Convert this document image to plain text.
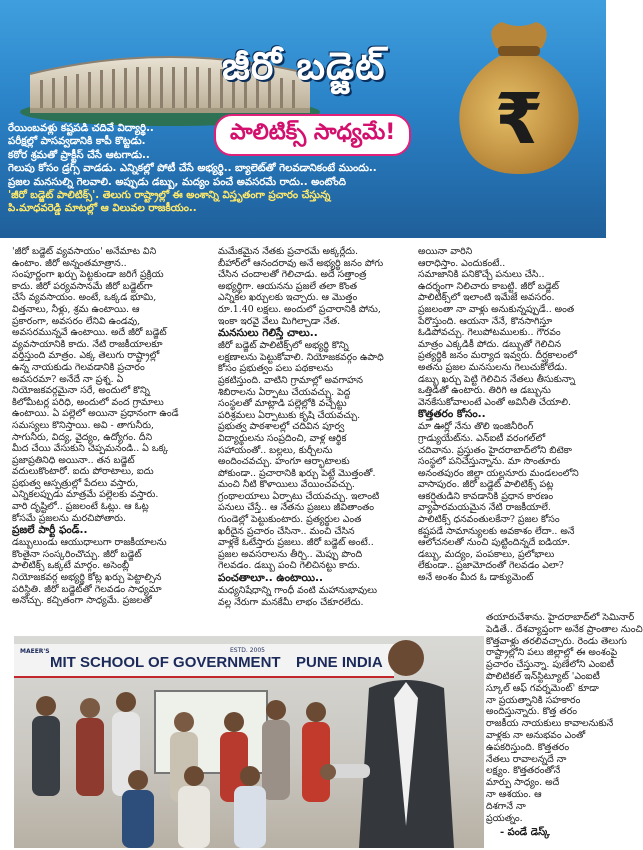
జీరో బడ్జెట్
పాలిటిక్స్ సాధ్యమే! ₹
రేయింబవళ్లు కష్టపడి చదివే విద్యార్థి..
పరీక్షల్లో పాసవ్వడానికి కాపీ కొట్టడు.
కఠోర శ్రమతో ప్రాక్టీస్ చేసే ఆటగాడు..
గెలుపు కోసం డ్రగ్స్ వాడడు. ఎన్నికల్లో పోటీ చేసే అభ్యర్థి.. బ్యాలెట్‌తో గెలవడానికంటే ముందు..
ప్రజల మనసుల్ని గెలవాలి. అప్పుడు డబ్బు, మద్యం పంచే అవసరమే రాదు.. అంటోంది
'జీరో బడ్జెట్ పాలిటిక్స్'. తెలుగు రాష్ట్రాల్లో ఈ అంశాన్ని విస్తృతంగా ప్రచారం చేస్తున్న
పి.మాధవరెడ్డి మాటల్లో ఆ విలువల రాజకీయం..
'జీరో బడ్జెట్ వ్యవసాయం' అనేమాట విని
ఉంటాం. జీరో అన్నంతమాత్రాన..
సంపూర్ణంగా ఖర్చు పెట్టకుండా జరిగే ప్రక్రియ
కాదు. జీరో పర్యవసానమే జీరో బడ్జెట్‌గా
చేసే వ్యవసాయం. అంటే, ఒక్కడ భూమి,
విత్తనాలు, నీళ్లు, శ్రమ ఉంటాయి. ఆ
ప్రకారంగా, అవసరం లేనివి ఉండవు,
అవసరమున్నవే ఉంటాయి. అదే జీరో బడ్జెట్
వ్యవసాయానికి కాదు. నేటి రాజకీయాలకూ
వర్తిస్తుంది మాత్రం. ఎక్క తెలుగు రాష్ట్రాల్లో
ఉన్న నాయకుడు గెలవడానికి ప్రచారం
అవసరమా? అనేదే నా ప్రశ్న. ఏ
నియోజకవర్గమైనా సరే, అందులో కొన్ని
కిలోమీటర్ల పరిధి, అందులో వంద గ్రామాలు
ఉంటాయి. ఏ పల్లెలో అయినా ప్రధానంగా ఉండే
సమస్యలు కొనిస్తాయి. అవి - తాగునీరు,
సాగునీరు, విద్య, వైద్యం, ఉద్యోగం. దీని
మీద చేయి వేసుకుని చెప్పమనండి.. ఏ ఒక్క
ప్రజాప్రతినిధి అయినా.. తన బడ్జెట్
వదులుకొంటారో. ఐదు పోరాటాలు, ఐదు
ప్రభుత్వ ఆస్పత్రుల్లో పేదలు వస్తారు,
ఎన్నికలప్పుడు మాత్రమే పల్లెలకు వస్తారు.
వారి దృష్టిలో.. ప్రజలంటే ఓట్లు. ఆ ఓట్ల
కోసమే ప్రజలను మరచిపోతారు.
ప్రజలే పార్టీ ఫండ్..
డబ్బులుండు ఆయుధాలుగా రాజకీయాలను
కొంతైనా సంస్కరించొచ్చు. జీరో బడ్జెట్
పాలిటిక్స్ ఒక్కటే మార్గం. అసెంబ్లీ
నియోజకవర్గ అభ్యర్థి కోట్ల ఖర్చు పెట్టాల్సిన
పరిస్థితి. జీరో బడ్జెట్‌తో గెలవడం సాధ్యమా
అనొచ్చు. కచ్చితంగా సాధ్యమే. ప్రజలతో
మమేకమైన నేతకు ప్రచారమే అక్కర్లేదు.
బీహార్‌లో ఆనందరావు అనే అభ్యర్థి జనం పోగు
చేసిన చందాలతో గెలిచాడు. అదే సత్తాంత్ర
అభ్యర్థిగా. ఆయనను ప్రజలే తలా కొంత
ఎన్నికల ఖర్చులకు ఇచ్చారు. ఆ మొత్తం
రూ.1.40 లక్షలు. అందులో ప్రచారానికి పోను,
ఇంకా ఇరవై వేలు మిగిల్చాడా నేత.
మనసులు గెలిస్తే చాలు..
జీరో బడ్జెట్ పాలిటిక్స్‌లో అభ్యర్థి కొన్ని
లక్షణాలను పెట్టుకోవాలి. నియోజకవర్గం ఉపాధి
కోసం ప్రభుత్వం పలు పథకాలను
ప్రకటిస్తుంది. వాటిని గ్రామాల్లో అవగాహన
శిబిరాలను ఏర్పాటు చేయవచ్చు. పెద్ద
సంస్థలతో మాట్లాడి పల్లెల్లోకి వచ్చేట్టు
పరిశ్రమలు ఏర్పాటుకు కృషి చేయవచ్చు.
ప్రభుత్వ పాఠశాలల్లో చదివిన పూర్వ
విద్యార్థులను సంప్రదించి, వాళ్ల ఆర్థిక
సహాయంతో.. బల్లలు, కుర్చీలను
అందించవచ్చు. హంగూ ఆర్భాటాలకు
పోకుండా.. ప్రచారానికి ఖర్చు పెట్టే మొత్తంతో.
మంచి నీటి కొళాయిలు వేయించవచ్చు.
గ్రంథాలయాలు ఏర్పాటు చేయవచ్చు. ఇలాంటి
పనులు చేస్తే.. ఆ నేతను ప్రజలు జీవితాంతం
గుండెల్లో పెట్టుకుంటారు. ప్రత్యర్థుల ఎంత
ఖరీదైన ప్రచారం చేసినా.. మంచి చేసిన
వాళ్లకే ఓటేస్తారు ప్రజలు. జీరో బడ్జెట్ అంటే..
ప్రజల అవసరాలను తీర్చి.. మెప్పు పొంది
గెలవడం. డబ్బు పంచి గెలిచినట్టు కాదు.
పంచతాలూ.. ఉంటాయి..
మధ్యనిషేధాన్ని గాంధీ వంటి మహానుభావులు
వల్ల నేరుగా మనకేమీ లాభం చేకూరలేదు.
అయినా వారిని
ఆరాధిస్తాం. ఎందుకంటే..
సమాజానికి పనికొచ్చే పనులు చేసి..
ఉదర్శంగా నిలిచారు కాబట్టి. జీరో బడ్జెట్
పాలిటిక్స్‌లో ఇలాంటి ఇమేజే అవసరం.
ప్రజలంతా నా వాళ్లు అనుకున్నప్పుడే.. అంత
పేరొస్తుంది. ఆయనా నేనే, కొనసాగిస్తూ
ఓడిపోవచ్చు. గెలుపోటములకు.. గౌరవం
మాత్రం ఎక్కడికీ పోదు. డబ్బుతో గెలిచిన
ప్రత్యర్థికి జనం మర్యాద ఇవ్వరు. దీర్ఘకాలంలో
అతను ప్రజల మనసులను గెలుచుకోలేడు.
డబ్బు ఖర్చు పెట్టి గెలిచిన నేతలు తీసుకున్నా
ఒత్తిడితో ఉంటారు. తిరిగి ఆ డబ్బును
వెనకేసుకోవాలంటే ఎంతో అవినీతి చేయాలి.
కొత్తతరం కోసం..
మా ఊర్లో నేను తొలి ఇంజినీరింగ్
గ్రాడ్యుయేట్‌ను. ఎన్‌ఐటీ వరంగల్‌లో
చదివాను. ప్రస్తుతం హైదరాబాద్‌లోని బిటెకా
సంస్థలో పనిచేస్తున్నాను. మా సొంతూరు
అనంతపురం జిల్లా యల్లనూరు మండలంలోని
వాసాపురం. జీరో బడ్జెట్ పాలిటిక్స్ పట్ల
ఆకర్షితుడిని కావడానికి ప్రధాన కారణం
వ్యాపారమయమైన నేటి రాజకీయాలే.
పాలిటిక్స్ ధనవంతులకేనా? ప్రజల కోసం
కష్టపడే సామాన్యులకు అవకాశం లేదా.. అనే
ఆలోచనలతో నుంచి పుట్టిందిన్నదే ఐడియా.
డబ్బు, మద్యం, పంపకాలు, ప్రలోభాలు
లేకుండా.. ప్రజామోదంతో గెలవడం ఎలా?
అనే అంశం మీద ఓ డాక్యుమెంట్
తయారుచేశాను. హైదరాబాద్‌లో సెమినార్
పెడితే.. దేశవ్యాప్తంగా అనేక ప్రాంతాల నుంచి
కొత్తవాళ్లు తరలివచ్చారు. రెండు తెలుగు
రాష్ట్రాల్లోని పలు జిల్లాల్లో ఈ అంశంపై
ప్రచారం చేస్తున్నా. పుణేలోని ఎంఐటీ
పొలిటికల్ ఇన్‌స్టిట్యూట్ 'ఎంఐటీ
స్కూల్ ఆఫ్ గవర్నమెంట్' కూడా
నా ప్రయత్నానికి సహకారం
అందిస్తున్నారు. కొత్త తరం
రాజకీయ నాయకులు కావాలనుకునే
వాళ్లకు నా అనుభవం ఎంతో
ఉపకరిస్తుంది. కొత్తతరం
నేతలు రావాలన్నదే నా
లక్ష్యం. కొత్తతరంతోనే
మార్పు సాధ్యం. అదే
నా ఆశయం. ఆ
దిశగానే నా
ప్రయత్నం.
- పండే డెస్క్
MAEER'S
MIT SCHOOL OF GOVERNMENT
ESTD. 2005
PUNE INDIA
